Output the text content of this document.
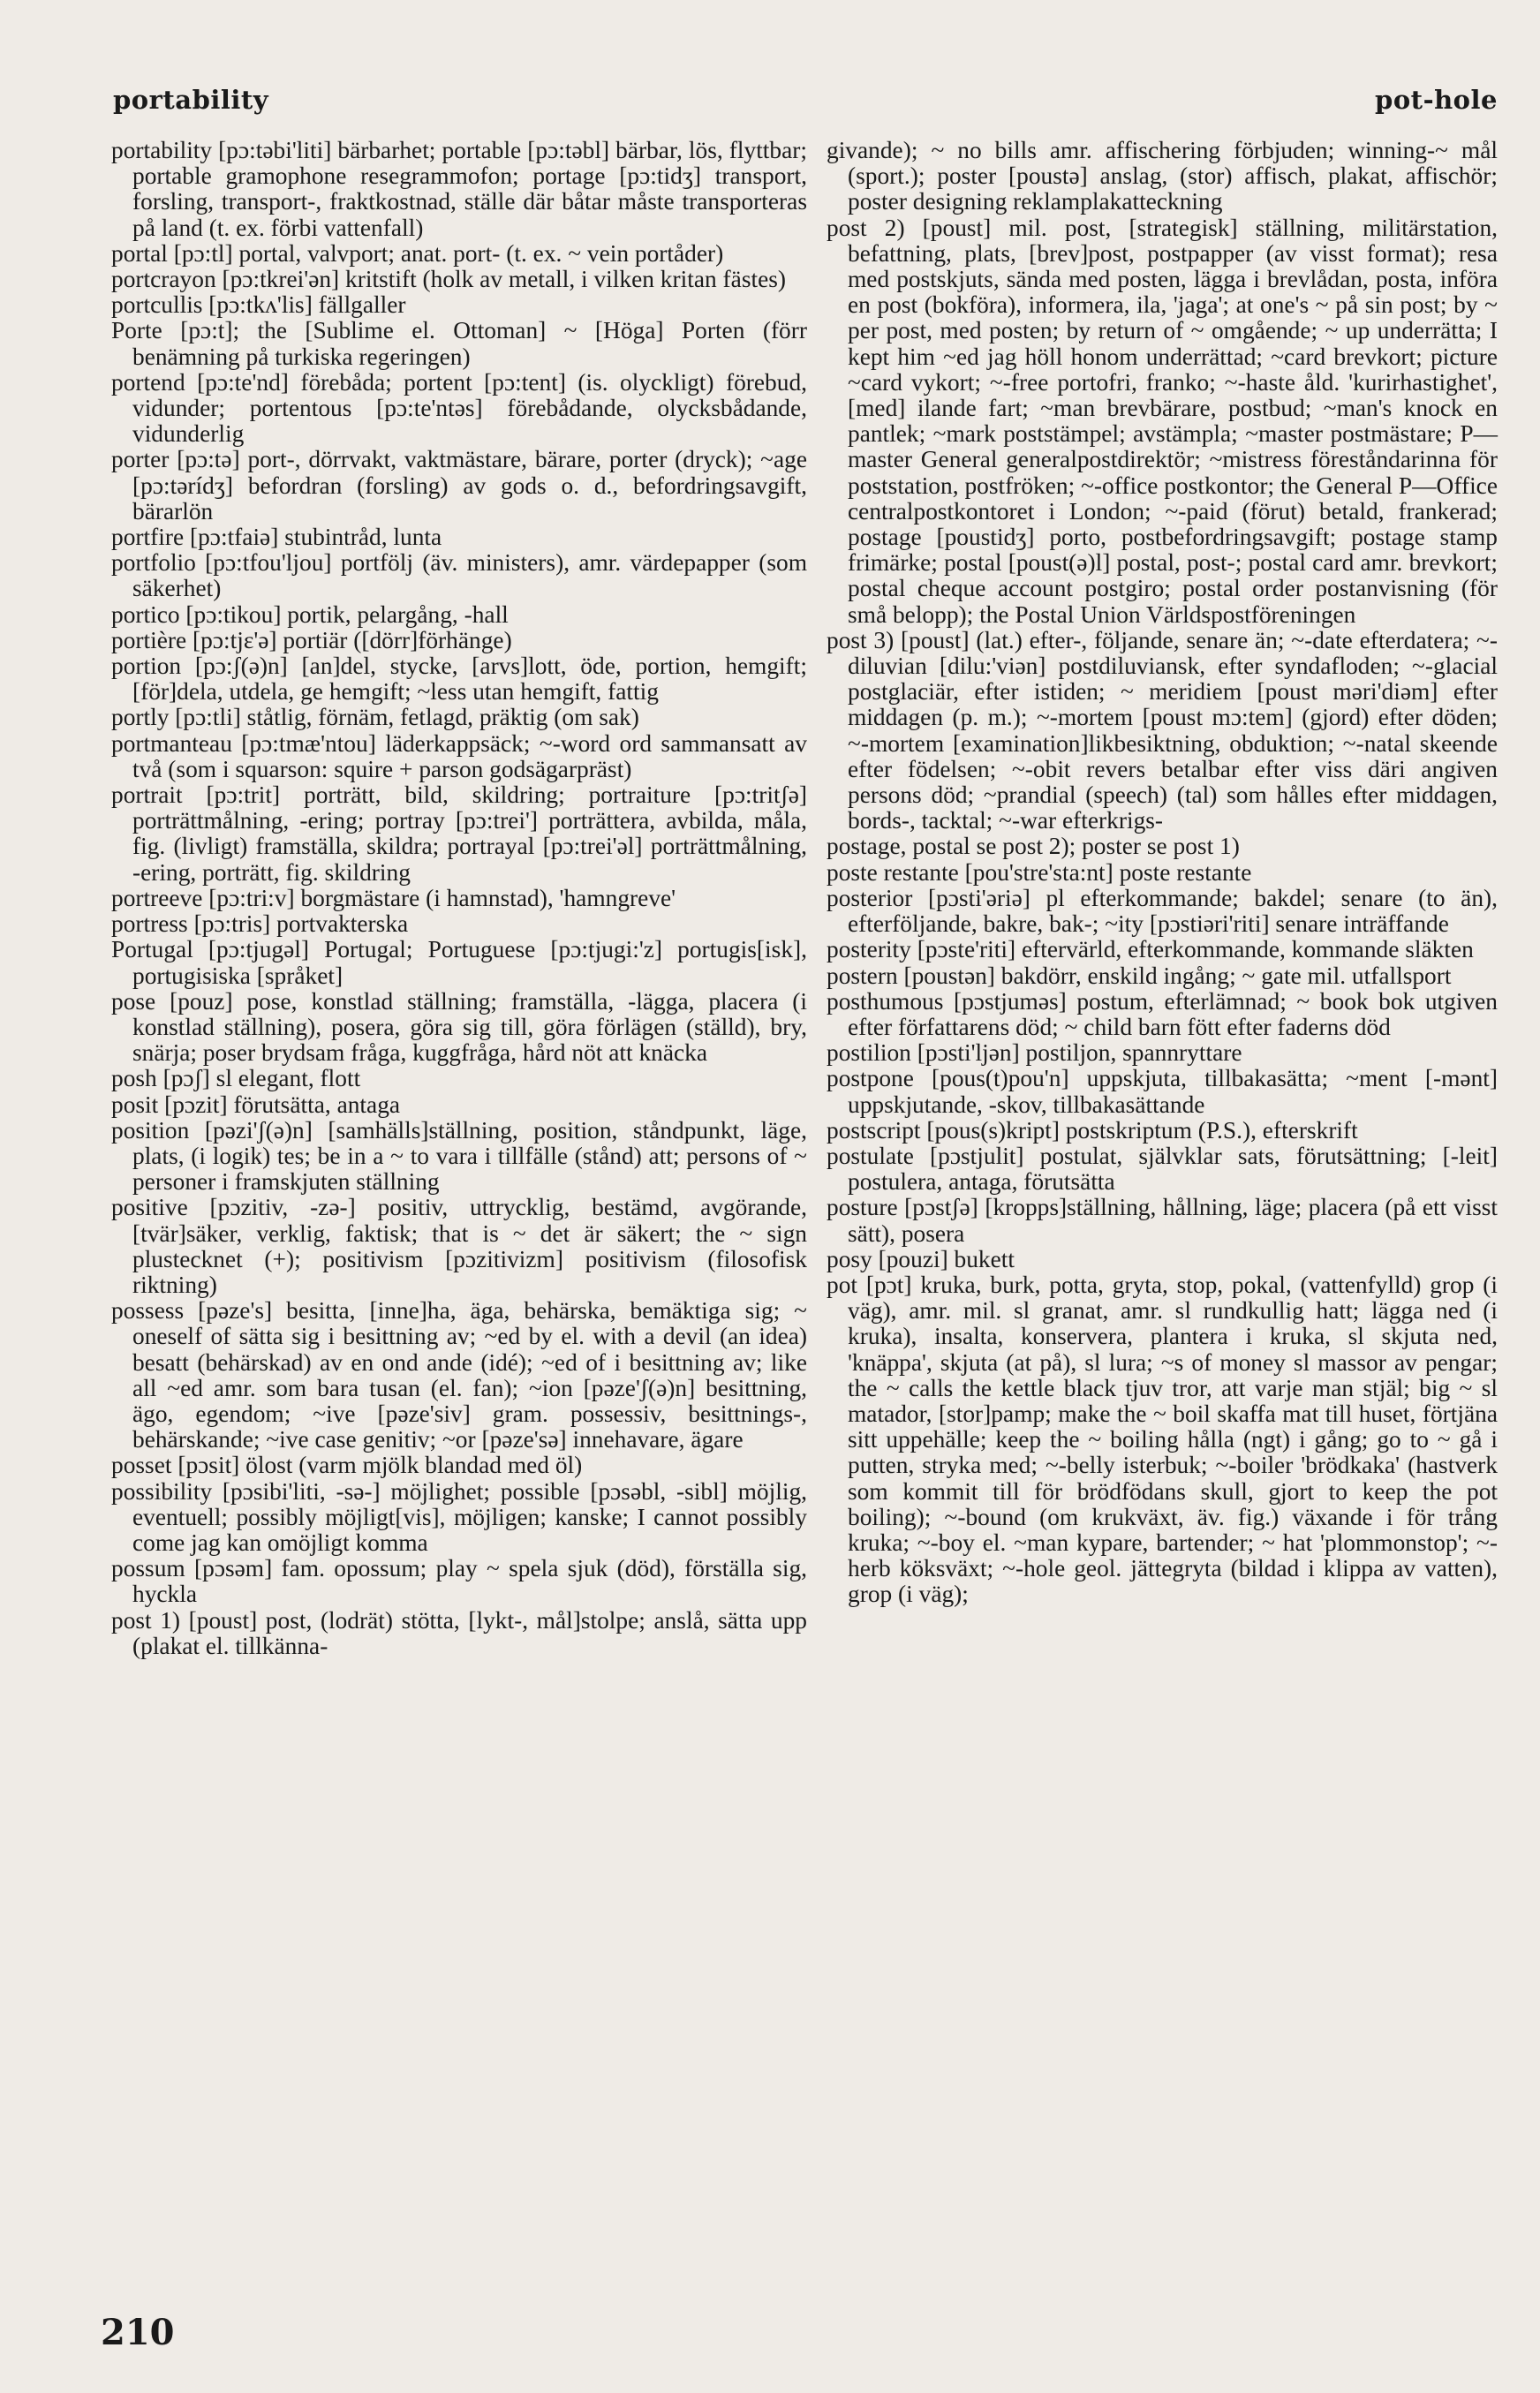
portability	pot-hole

portability [pɔ:təbi'liti] bärbarhet; portable [pɔ:təbl] bärbar, lös, flyttbar; portable gramophone resegrammofon; portage [pɔ:tidʒ] transport, forsling, transport-, fraktkostnad, ställe där båtar måste transporteras på land (t. ex. förbi vattenfall)

portal [pɔ:tl] portal, valvport; anat. port- (t. ex. ~ vein portåder)

portcrayon [pɔ:tkrei'ən] kritstift (holk av metall, i vilken kritan fästes)

portcullis [pɔ:tkʌ'lis] fällgaller

Porte [pɔ:t]; the [Sublime el. Ottoman] ~ [Höga] Porten (förr benämning på turkiska regeringen)

portend [pɔ:te'nd] förebåda; portent [pɔ:tent] (is. olyckligt) förebud, vidunder; portentous [pɔ:te'ntəs] förebådande, olycksbådande, vidunderlig

porter [pɔ:tə] port-, dörrvakt, vaktmästare, bärare, porter (dryck); ~age [pɔ:tərídʒ] befordran (forsling) av gods o. d., befordringsavgift, bärarlön

portfire [pɔ:tfaiə] stubintråd, lunta

portfolio [pɔ:tfou'ljou] portfölj (äv. ministers), amr. värdepapper (som säkerhet)

portico [pɔ:tikou] portik, pelargång, -hall

portière [pɔ:tjɛ'ə] portiär ([dörr]förhänge)

portion [pɔ:ʃ(ə)n] [an]del, stycke, [arvs]lott, öde, portion, hemgift; [för]dela, utdela, ge hemgift; ~less utan hemgift, fattig

portly [pɔ:tli] ståtlig, förnäm, fetlagd, präktig (om sak)

portmanteau [pɔ:tmæ'ntou] läderkappsäck; ~-word ord sammansatt av två (som i squarson: squire + parson godsägarpräst)

portrait [pɔ:trit] porträtt, bild, skildring; portraiture [pɔ:tritʃə] porträttmålning, -ering; portray [pɔ:trei'] porträttera, avbilda, måla, fig. (livligt) framställa, skildra; portrayal [pɔ:trei'əl] porträttmålning, -ering, porträtt, fig. skildring

portreeve [pɔ:tri:v] borgmästare (i hamnstad), 'hamngreve'

portress [pɔ:tris] portvakterska

Portugal [pɔ:tjugəl] Portugal; Portuguese [pɔ:tjugi:'z] portugis[isk], portugisiska [språket]

pose [pouz] pose, konstlad ställning; framställa, -lägga, placera (i konstlad ställning), posera, göra sig till, göra förlägen (ställd), bry, snärja; poser brydsam fråga, kuggfråga, hård nöt att knäcka

posh [pɔʃ] sl elegant, flott

posit [pɔzit] förutsätta, antaga

position [pəzi'ʃ(ə)n] [samhälls]ställning, position, ståndpunkt, läge, plats, (i logik) tes; be in a ~ to vara i tillfälle (stånd) att; persons of ~ personer i framskjuten ställning

positive [pɔzitiv, -zə-] positiv, uttrycklig, bestämd, avgörande, [tvär]säker, verklig, faktisk; that is ~ det är säkert; the ~ sign plustecknet (+); positivism [pɔzitivizm] positivism (filosofisk riktning)

possess [pəze's] besitta, [inne]ha, äga, behärska, bemäktiga sig; ~ oneself of sätta sig i besittning av; ~ed by el. with a devil (an idea) besatt (behärskad) av en ond ande (idé); ~ed of i besittning av; like all ~ed amr. som bara tusan (el. fan); ~ion [pəze'ʃ(ə)n] besittning, ägo, egendom; ~ive [pəze'siv] gram. possessiv, besittnings-, behärskande; ~ive case genitiv; ~or [pəze'sə] innehavare, ägare

posset [pɔsit] ölost (varm mjölk blandad med öl)

possibility [pɔsibi'liti, -sə-] möjlighet; possible [pɔsəbl, -sibl] möjlig, eventuell; possibly möjligt[vis], möjligen; kanske; I cannot possibly come jag kan omöjligt komma

possum [pɔsəm] fam. opossum; play ~ spela sjuk (död), förställa sig, hyckla

post 1) [poust] post, (lodrät) stötta, [lykt-, mål]stolpe; anslå, sätta upp (plakat el. tillkänna-

givande); ~ no bills amr. affischering förbjuden; winning-~ mål (sport.); poster [poustə] anslag, (stor) affisch, plakat, affischör; poster designing reklamplakatteckning

post 2) [poust] mil. post, [strategisk] ställning, militärstation, befattning, plats, [brev]post, postpapper (av visst format); resa med postskjuts, sända med posten, lägga i brevlådan, posta, införa en post (bokföra), informera, ila, 'jaga'; at one's ~ på sin post; by ~ per post, med posten; by return of ~ omgående; ~ up underrätta; I kept him ~ed jag höll honom underrättad; ~card brevkort; picture ~card vykort; ~-free portofri, franko; ~-haste åld. 'kurirhastighet', [med] ilande fart; ~man brevbärare, postbud; ~man's knock en pantlek; ~mark poststämpel; avstämpla; ~master postmästare; P—master General generalpostdirektör; ~mistress föreståndarinna för poststation, postfröken; ~-office postkontor; the General P—Office centralpostkontoret i London; ~-paid (förut) betald, frankerad; postage [poustidʒ] porto, postbefordringsavgift; postage stamp frimärke; postal [poust(ə)l] postal, post-; postal card amr. brevkort; postal cheque account postgiro; postal order postanvisning (för små belopp); the Postal Union Världspostföreningen

post 3) [poust] (lat.) efter-, följande, senare än; ~-date efterdatera; ~-diluvian [dilu:'viən] postdiluviansk, efter syndafloden; ~-glacial postglaciär, efter istiden; ~ meridiem [poust məri'diəm] efter middagen (p. m.); ~-mortem [poust mɔ:tem] (gjord) efter döden; ~-mortem [examination]likbesiktning, obduktion; ~-natal skeende efter födelsen; ~-obit revers betalbar efter viss däri angiven persons död; ~prandial (speech) (tal) som hålles efter middagen, bords-, tacktal; ~-war efterkrigs-

postage, postal se post 2); poster se post 1)

poste restante [pou'stre'sta:nt] poste restante

posterior [pɔsti'əriə] pl efterkommande; bakdel; senare (to än), efterföljande, bakre, bak-; ~ity [pɔstiəri'riti] senare inträffande

posterity [pɔste'riti] eftervärld, efterkommande, kommande släkten

postern [poustən] bakdörr, enskild ingång; ~ gate mil. utfallsport

posthumous [pɔstjuməs] postum, efterlämnad; ~ book bok utgiven efter författarens död; ~ child barn fött efter faderns död

postilion [pɔsti'ljən] postiljon, spannryttare

postpone [pous(t)pou'n] uppskjuta, tillbakasätta; ~ment [-mənt] uppskjutande, -skov, tillbakasättande

postscript [pous(s)kript] postskriptum (P.S.), efterskrift

postulate [pɔstjulit] postulat, självklar sats, förutsättning; [-leit] postulera, antaga, förutsätta

posture [pɔstʃə] [kropps]ställning, hållning, läge; placera (på ett visst sätt), posera

posy [pouzi] bukett

pot [pɔt] kruka, burk, potta, gryta, stop, pokal, (vattenfylld) grop (i väg), amr. mil. sl granat, amr. sl rundkullig hatt; lägga ned (i kruka), insalta, konservera, plantera i kruka, sl skjuta ned, 'knäppa', skjuta (at på), sl lura; ~s of money sl massor av pengar; the ~ calls the kettle black tjuv tror, att varje man stjäl; big ~ sl matador, [stor]pamp; make the ~ boil skaffa mat till huset, förtjäna sitt uppehälle; keep the ~ boiling hålla (ngt) i gång; go to ~ gå i putten, stryka med; ~-belly isterbuk; ~-boiler 'brödkaka' (hastverk som kommit till för brödfödans skull, gjort to keep the pot boiling); ~-bound (om krukväxt, äv. fig.) växande i för trång kruka; ~-boy el. ~man kypare, bartender; ~ hat 'plommonstop'; ~-herb köksväxt; ~-hole geol. jättegryta (bildad i klippa av vatten), grop (i väg);

210
